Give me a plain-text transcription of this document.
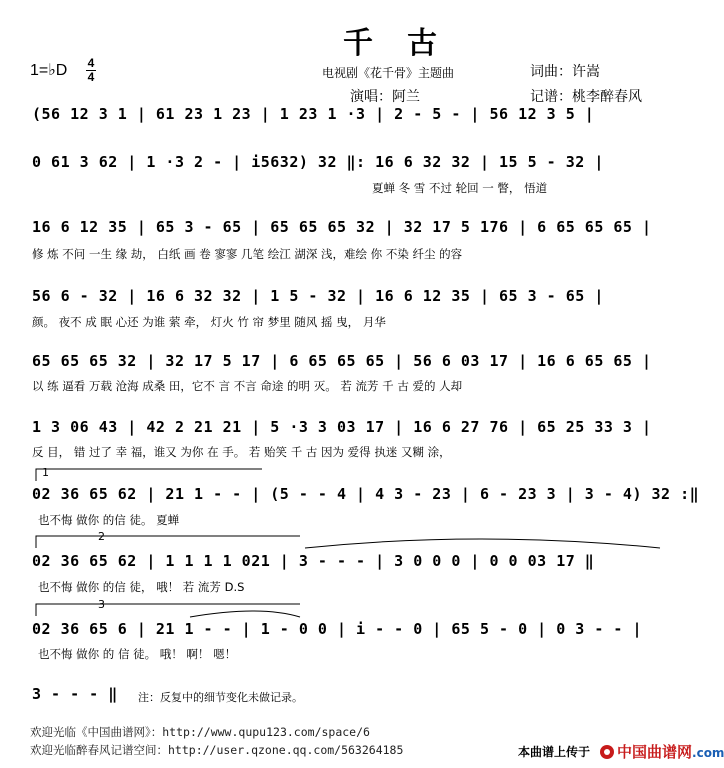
千古
1=♭D 4
4	电视剧《花千骨》主题曲	词曲：许嵩
演唱：阿兰	记谱：桃李醉春风
(56 12 3 1 | 61 23 1 23 | 1 23 1 ·3 | 2 - 5 - | 56 12 3 5 |
0 61 3 62 | 1 ·3 2 - | i5632) 32 ‖: 16 6 32 32 | 15 5 - 32 |
夏蝉 冬 雪 不过 轮回 一 瞥， 悟道
16 6 12 35 | 65 3 - 65 | 65 65 65 32 | 32 17 5 176 | 6 65 65 65 |
修 炼 不问 一生 缘 劫， 白纸 画 卷 寥寥 几笔 绘江 湖深 浅，难绘 你 不染 纤尘 的容
56 6 - 32 | 16 6 32 32 | 1 5 - 32 | 16 6 12 35 | 65 3 - 65 |
颜。 夜不 成 眠 心还 为谁 萦 牵， 灯火 竹 帘 梦里 随风 摇 曳， 月华
65 65 65 32 | 32 17 5 17 | 6 65 65 65 | 56 6 03 17 | 16 6 65 65 |
以 练 逼看 万载 沧海 成桑 田，它不 言 不言 命途 的明 灭。 若 流芳 千 古 爱的 人却
1 3 06 43 | 42 2 21 21 | 5 ·3 3 03 17 | 16 6 27 76 | 65 25 33 3 |
反 目， 错 过了 幸 福，谁又 为你 在 手。 若 贻笑 千 古 因为 爱得 执迷 又糊 涂，
1
02 36 65 62 | 21 1 - - | (5 - - 4 | 4 3 - 23 | 6 - 23 3 | 3 - 4) 32 :‖
也不悔 做你 的信 徒。 夏蝉
2
02 36 65 62 | 1 1 1 1 021 | 3 - - - | 3 0 0 0 | 0 0 03 17 ‖
也不悔 做你 的信 徒， 哦！ 若 流芳 D.S
3
02 36 65 6 | 21 1 - - | 1 - 0 0 | i - - 0 | 65 5 - 0 | 0 3 - - |
也不悔 做你 的 信 徒。 哦！ 啊！ 嗯！
3 - - - ‖ 注：反复中的细节变化未做记录。
欢迎光临《中国曲谱网》：http://www.qupu123.com/space/6
欢迎光临醉春风记谱空间：http://user.qzone.qq.com/563264185	本曲谱上传于 中国曲谱网.com
